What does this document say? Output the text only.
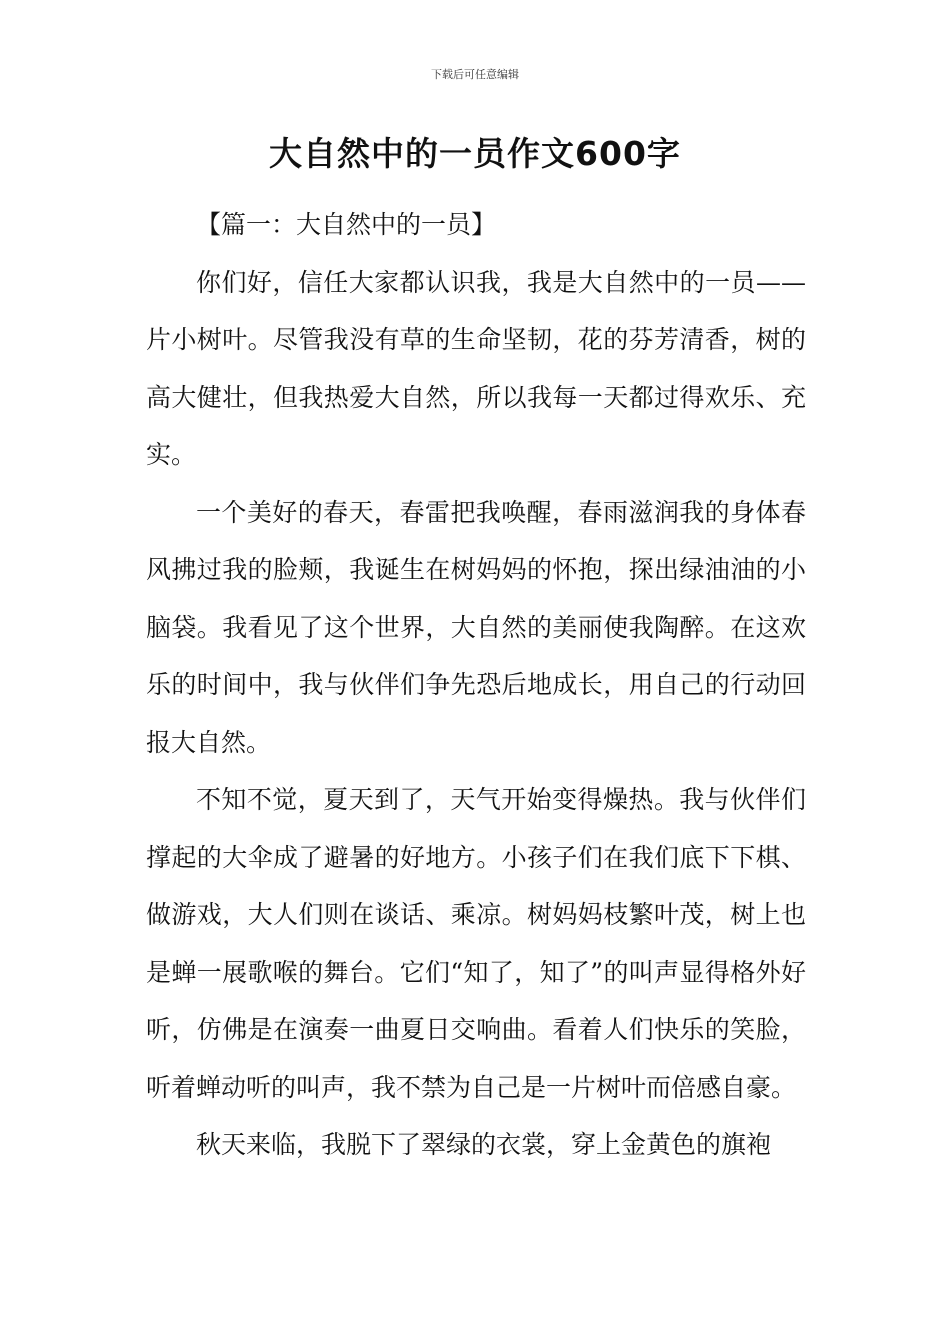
下载后可任意编辑
大自然中的一员作文600字

【篇一：大自然中的一员】

你们好，信任大家都认识我，我是大自然中的一员——片小树叶。尽管我没有草的生命坚韧，花的芬芳清香，树的高大健壮，但我热爱大自然，所以我每一天都过得欢乐、充实。

一个美好的春天，春雷把我唤醒，春雨滋润我的身体春风拂过我的脸颊，我诞生在树妈妈的怀抱，探出绿油油的小脑袋。我看见了这个世界，大自然的美丽使我陶醉。在这欢乐的时间中，我与伙伴们争先恐后地成长，用自己的行动回报大自然。

不知不觉，夏天到了，天气开始变得燥热。我与伙伴们撑起的大伞成了避暑的好地方。小孩子们在我们底下下棋、做游戏，大人们则在谈话、乘凉。树妈妈枝繁叶茂，树上也是蝉一展歌喉的舞台。它们“知了，知了”的叫声显得格外好听，仿佛是在演奏一曲夏日交响曲。看着人们快乐的笑脸，听着蝉动听的叫声，我不禁为自己是一片树叶而倍感自豪。

秋天来临，我脱下了翠绿的衣裳，穿上金黄色的旗袍
